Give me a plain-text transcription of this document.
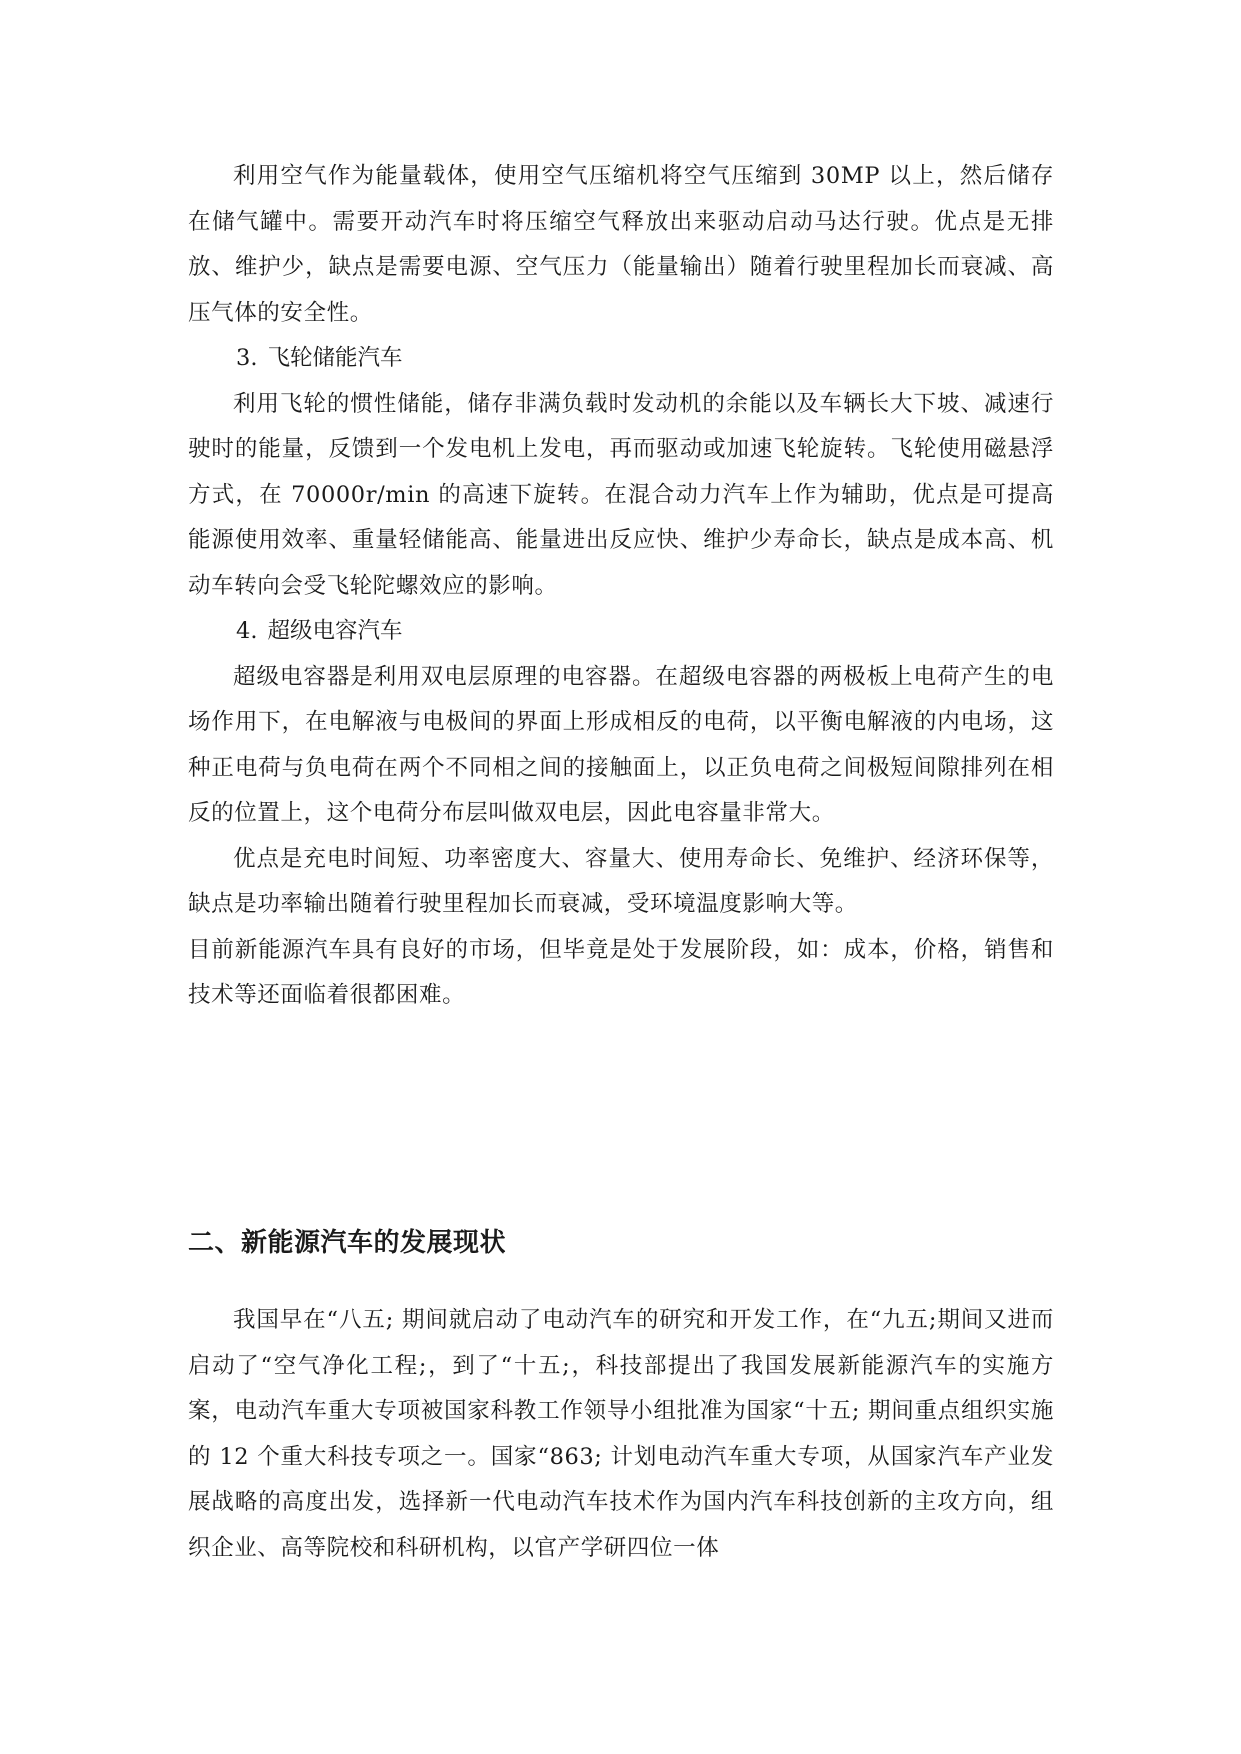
利用空气作为能量载体，使用空气压缩机将空气压缩到 30MP 以上，然后储存在储气罐中。需要开动汽车时将压缩空气释放出来驱动启动马达行驶。优点是无排放、维护少，缺点是需要电源、空气压力（能量输出）随着行驶里程加长而衰减、高压气体的安全性。

3. 飞轮储能汽车

利用飞轮的惯性储能，储存非满负载时发动机的余能以及车辆长大下坡、减速行驶时的能量，反馈到一个发电机上发电，再而驱动或加速飞轮旋转。飞轮使用磁悬浮方式，在 70000r/min 的高速下旋转。在混合动力汽车上作为辅助，优点是可提高能源使用效率、重量轻储能高、能量进出反应快、维护少寿命长，缺点是成本高、机动车转向会受飞轮陀螺效应的影响。

4. 超级电容汽车

超级电容器是利用双电层原理的电容器。在超级电容器的两极板上电荷产生的电场作用下，在电解液与电极间的界面上形成相反的电荷，以平衡电解液的内电场，这种正电荷与负电荷在两个不同相之间的接触面上，以正负电荷之间极短间隙排列在相反的位置上，这个电荷分布层叫做双电层，因此电容量非常大。

优点是充电时间短、功率密度大、容量大、使用寿命长、免维护、经济环保等，缺点是功率输出随着行驶里程加长而衰减，受环境温度影响大等。

目前新能源汽车具有良好的市场，但毕竟是处于发展阶段，如：成本，价格，销售和技术等还面临着很都困难。

二、新能源汽车的发展现状

我国早在“八五; 期间就启动了电动汽车的研究和开发工作，在“九五;期间又进而启动了“空气净化工程;，到了“十五;，科技部提出了我国发展新能源汽车的实施方案，电动汽车重大专项被国家科教工作领导小组批准为国家“十五; 期间重点组织实施的 12 个重大科技专项之一。国家“863; 计划电动汽车重大专项，从国家汽车产业发展战略的高度出发，选择新一代电动汽车技术作为国内汽车科技创新的主攻方向，组织企业、高等院校和科研机构，以官产学研四位一体
